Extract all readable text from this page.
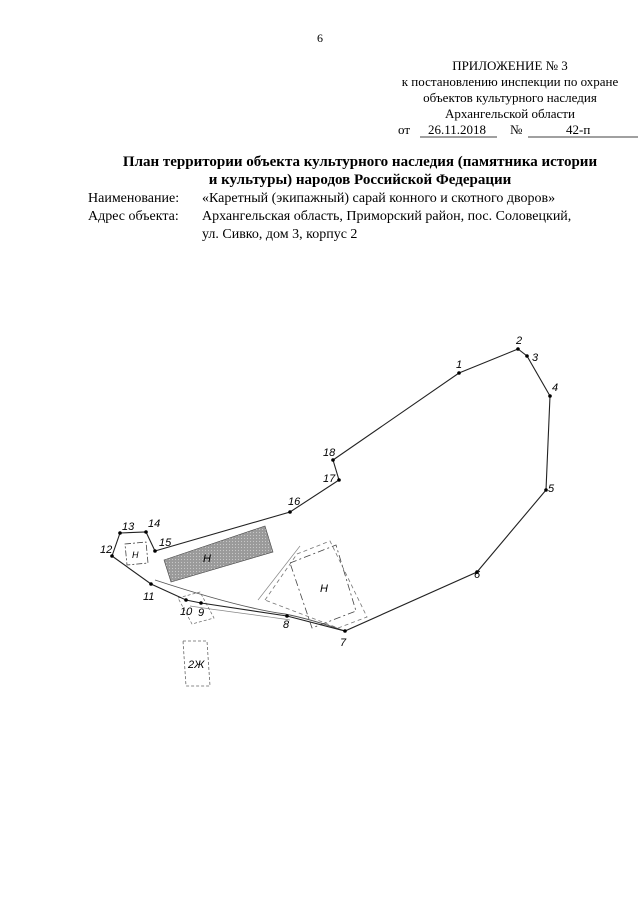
6
ПРИЛОЖЕНИЕ № 3
к постановлению инспекции по охране
объектов культурного наследия
Архангельской области
от 26.11.2018 №	42-п
План территории объекта культурного наследия (памятника истории
и культуры) народов Российской Федерации
Наименование: «Каретный (экипажный) сарай конного и скотного дворов»
Адрес объекта: Архангельская область, Приморский район, пос. Соловецкий,
ул. Сивко, дом 3, корпус 2
1
2
3
4
5
6
7
8
9
10
11
12
13 14
15
16
17
18
Н
Н
Н
2Ж
